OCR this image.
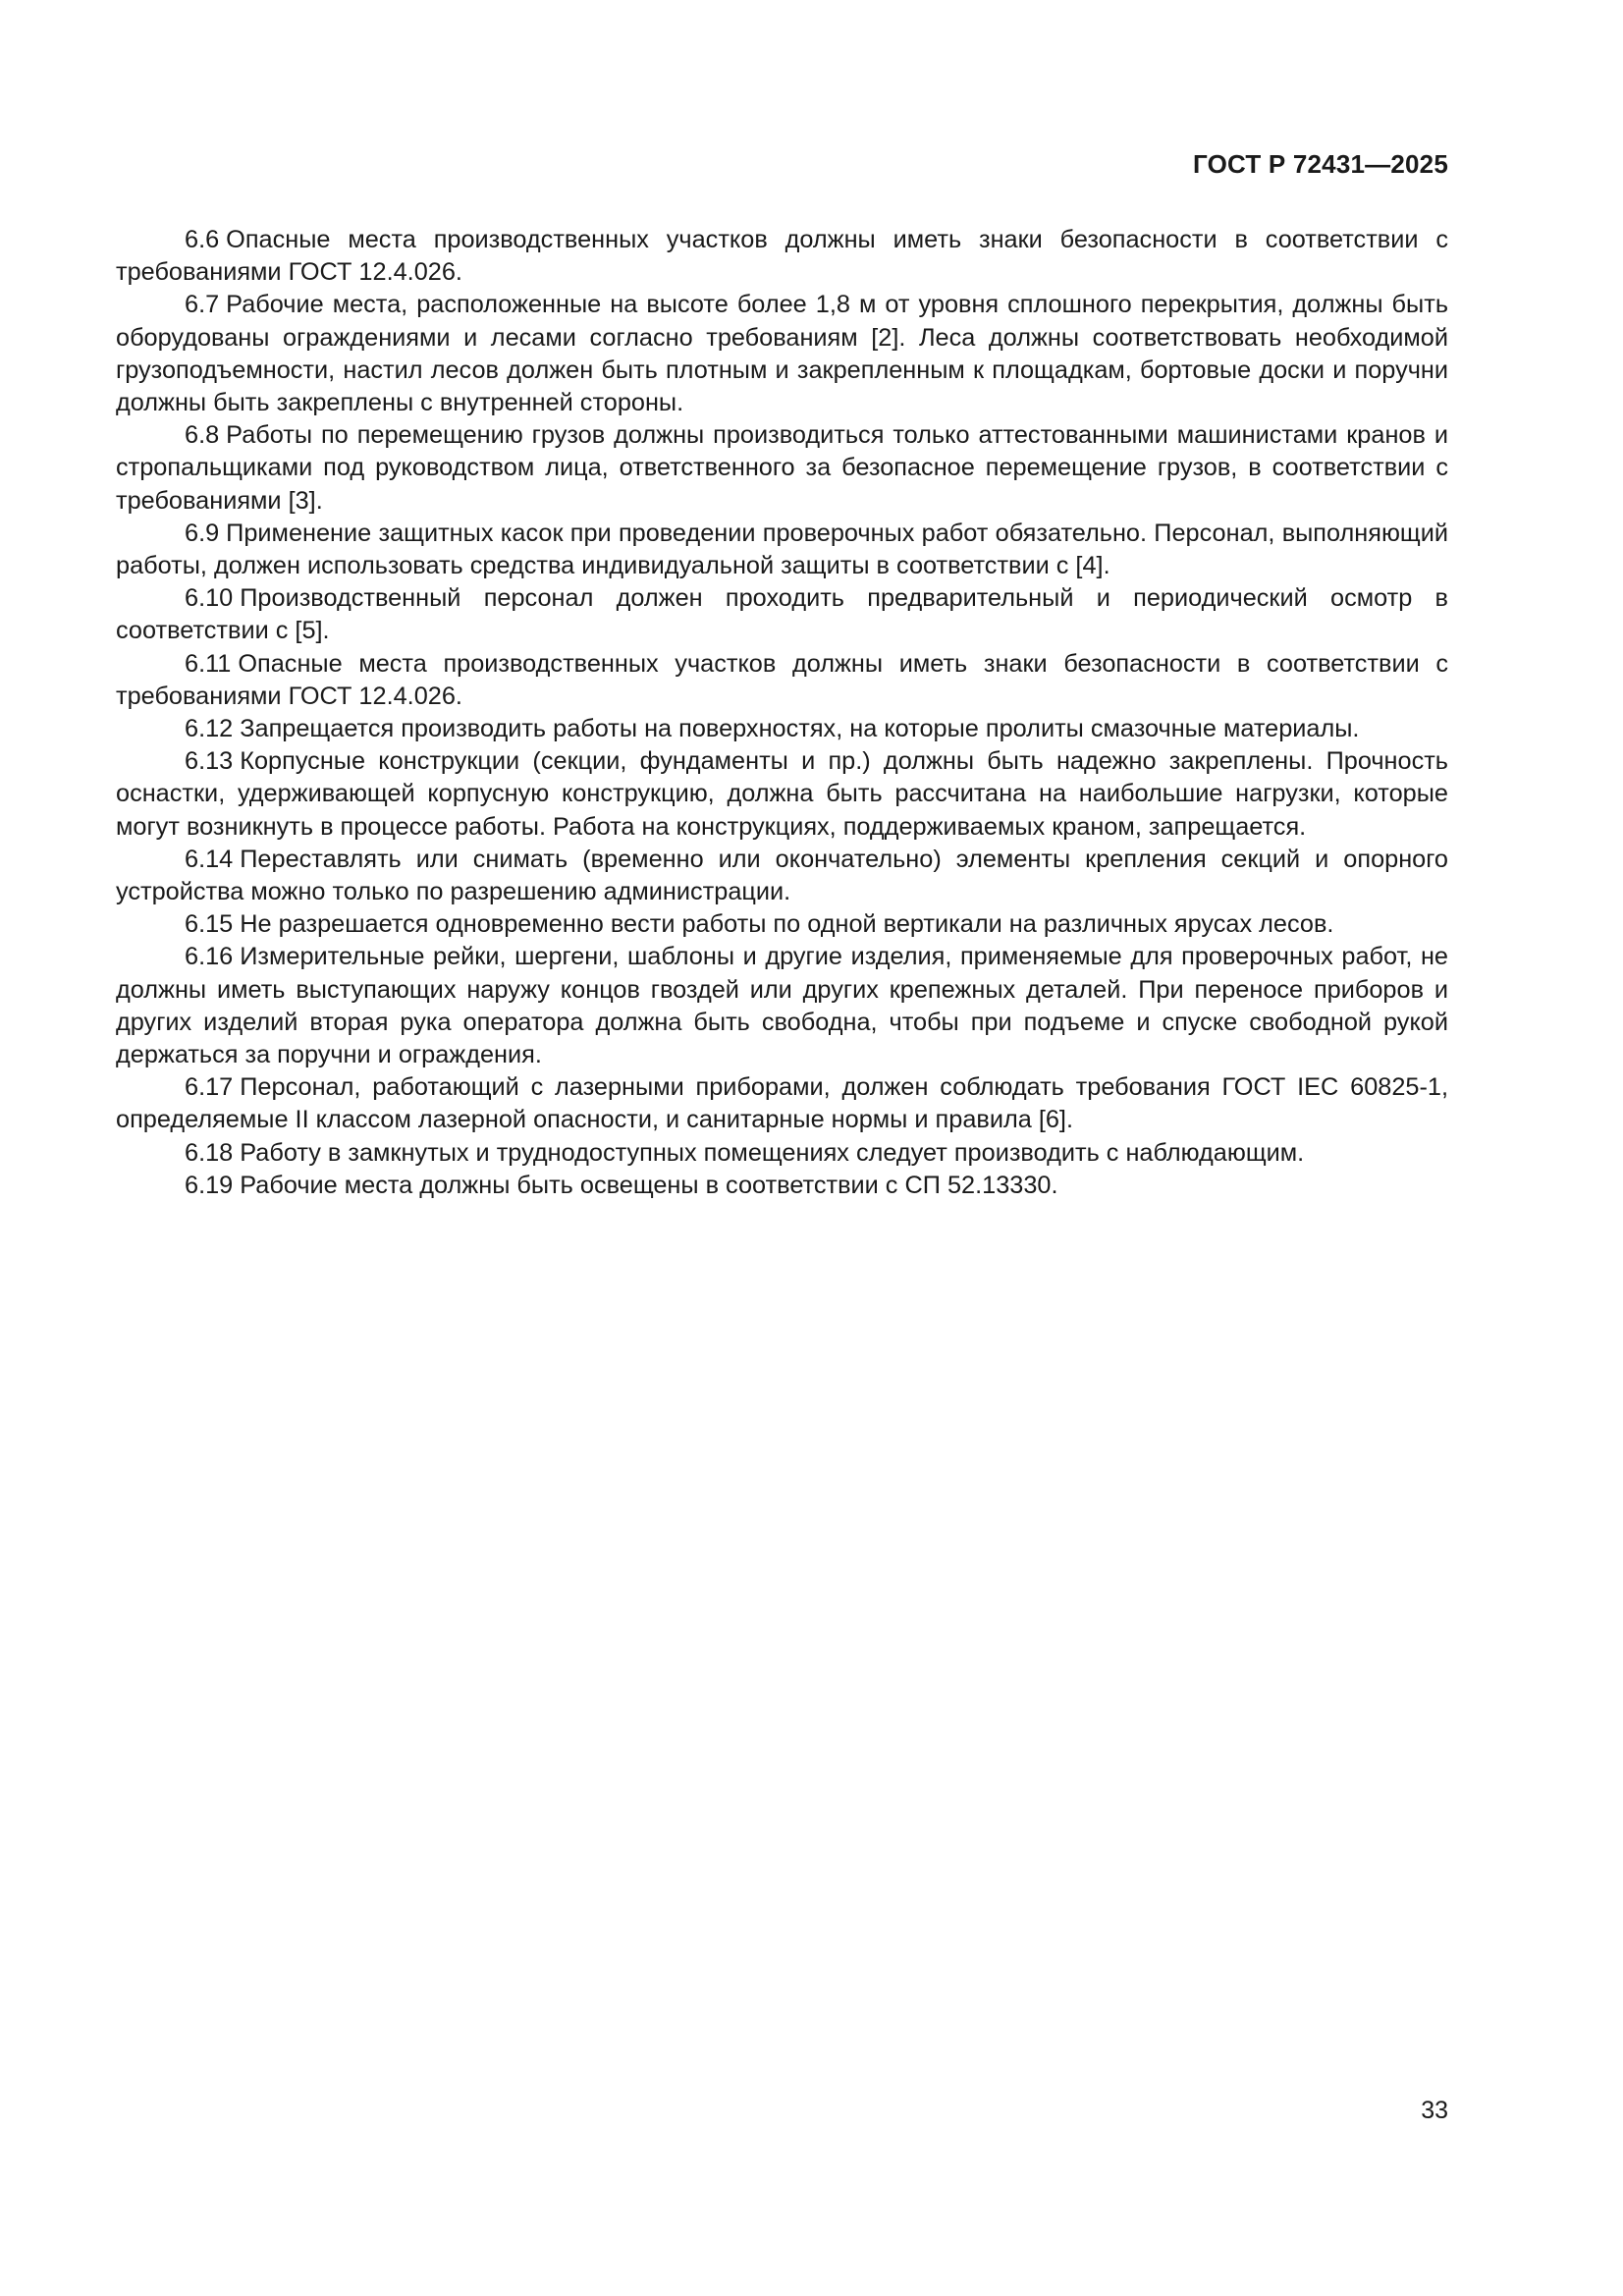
ГОСТ Р 72431—2025

6.6 Опасные места производственных участков должны иметь знаки безопасности в соответствии с требованиями ГОСТ 12.4.026.

6.7 Рабочие места, расположенные на высоте более 1,8 м от уровня сплошного перекрытия, должны быть оборудованы ограждениями и лесами согласно требованиям [2]. Леса должны соответствовать необходимой грузоподъемности, настил лесов должен быть плотным и закрепленным к площадкам, бортовые доски и поручни должны быть закреплены с внутренней стороны.

6.8 Работы по перемещению грузов должны производиться только аттестованными машинистами кранов и стропальщиками под руководством лица, ответственного за безопасное перемещение грузов, в соответствии с требованиями [3].

6.9 Применение защитных касок при проведении проверочных работ обязательно. Персонал, выполняющий работы, должен использовать средства индивидуальной защиты в соответствии с [4].

6.10 Производственный персонал должен проходить предварительный и периодический осмотр в соответствии с [5].

6.11 Опасные места производственных участков должны иметь знаки безопасности в соответствии с требованиями ГОСТ 12.4.026.

6.12 Запрещается производить работы на поверхностях, на которые пролиты смазочные материалы.

6.13 Корпусные конструкции (секции, фундаменты и пр.) должны быть надежно закреплены. Прочность оснастки, удерживающей корпусную конструкцию, должна быть рассчитана на наибольшие нагрузки, которые могут возникнуть в процессе работы. Работа на конструкциях, поддерживаемых краном, запрещается.

6.14 Переставлять или снимать (временно или окончательно) элементы крепления секций и опорного устройства можно только по разрешению администрации.

6.15 Не разрешается одновременно вести работы по одной вертикали на различных ярусах лесов.

6.16 Измерительные рейки, шергени, шаблоны и другие изделия, применяемые для проверочных работ, не должны иметь выступающих наружу концов гвоздей или других крепежных деталей. При переносе приборов и других изделий вторая рука оператора должна быть свободна, чтобы при подъеме и спуске свободной рукой держаться за поручни и ограждения.

6.17 Персонал, работающий с лазерными приборами, должен соблюдать требования ГОСТ IEC 60825-1, определяемые II классом лазерной опасности, и санитарные нормы и правила [6].

6.18 Работу в замкнутых и труднодоступных помещениях следует производить с наблюдающим.

6.19 Рабочие места должны быть освещены в соответствии с СП 52.13330.

33
